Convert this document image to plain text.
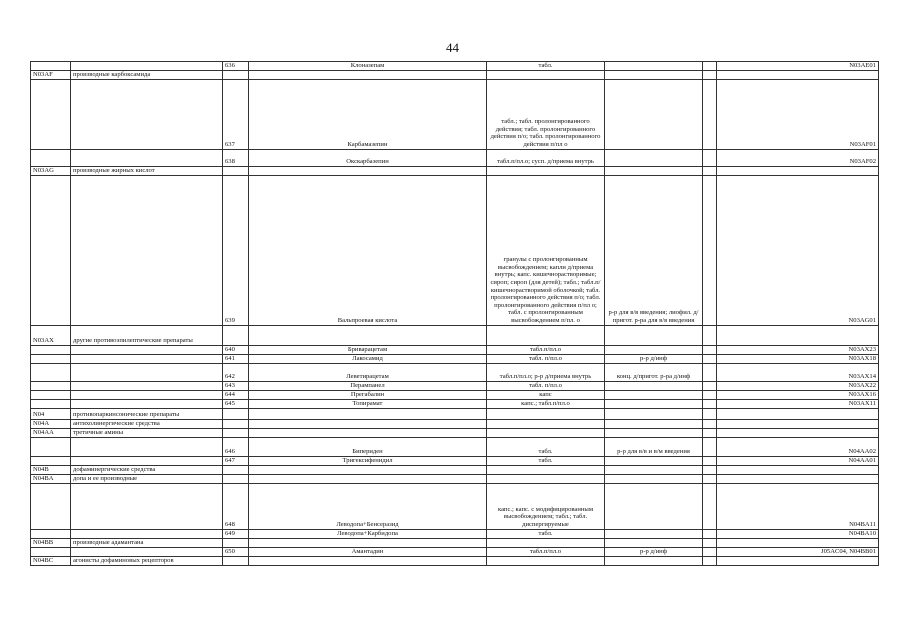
44
		636	Клоназепам	табл.			N03AE01
N03AF	производные карбоксамида						
		637	Карбамазепин	табл.; табл. пролонгированного действия; табл. пролонгированного действия п/о; табл. пролонгированного действия п/пл о			N03AF01
		638	Окскарбазепин	табл.п/пл.о; сусп. д/приема внутрь			N03AF02
N03AG	производные жирных кислот						
		639	Вальпроевая кислота	гранулы с пролонгированным высвобождением; капли д/приема внутрь; капс. кишечнорастворимые; сироп; сироп (для детей); табл.; табл.п/кишечнорастворимой оболочкой; табл. пролонгированного действия п/о; табл. пролонгированного действия п/пл о; табл. с пролонгированным высвобождением п/пл. о	р-р для в/в введения; лиофил. д/пригот. р-ра для в/в введения		N03AG01
N03AX	другие противоэпилептические препараты						
		640	Бриварацетам	табл.п/пл.о			N03AX23
		641	Лакосамид	табл. п/пл.о	р-р д/инф		N03AX18
		642	Леветирацетам	табл.п/пл.о; р-р д/приема внутрь	конц. д/пригот. р-ра д/инф		N03AX14
		643	Перампанел	табл. п/пл.о			N03AX22
		644	Прегабалин	капс			N03AX16
		645	Топирамат	капс.; табл.п/пл.о			N03AX11
N04	противопаркинсонические препараты						
N04A	антихолинергические средства						
N04AA	третичные амины						
		646	Бипериден	табл.	р-р для в/в и в/м введения		N04AA02
		647	Тригексифенидил	табл.			N04AA01
N04B	дофаминергические средства						
N04BA	допа и ее производные						
		648	Леводопа+Бенсеразид	капс.; капс. с модифицированным высвобождением; табл.; табл. диспергируемые			N04BA11
		649	Леводопа+Карбидопа	табл.			N04BA10
N04BB	производные адамантана						
		650	Амантадин	табл.п/пл.о	р-р д/инф		J05AC04, N04BB01
N04BC	агонисты дофаминовых рецепторов						
